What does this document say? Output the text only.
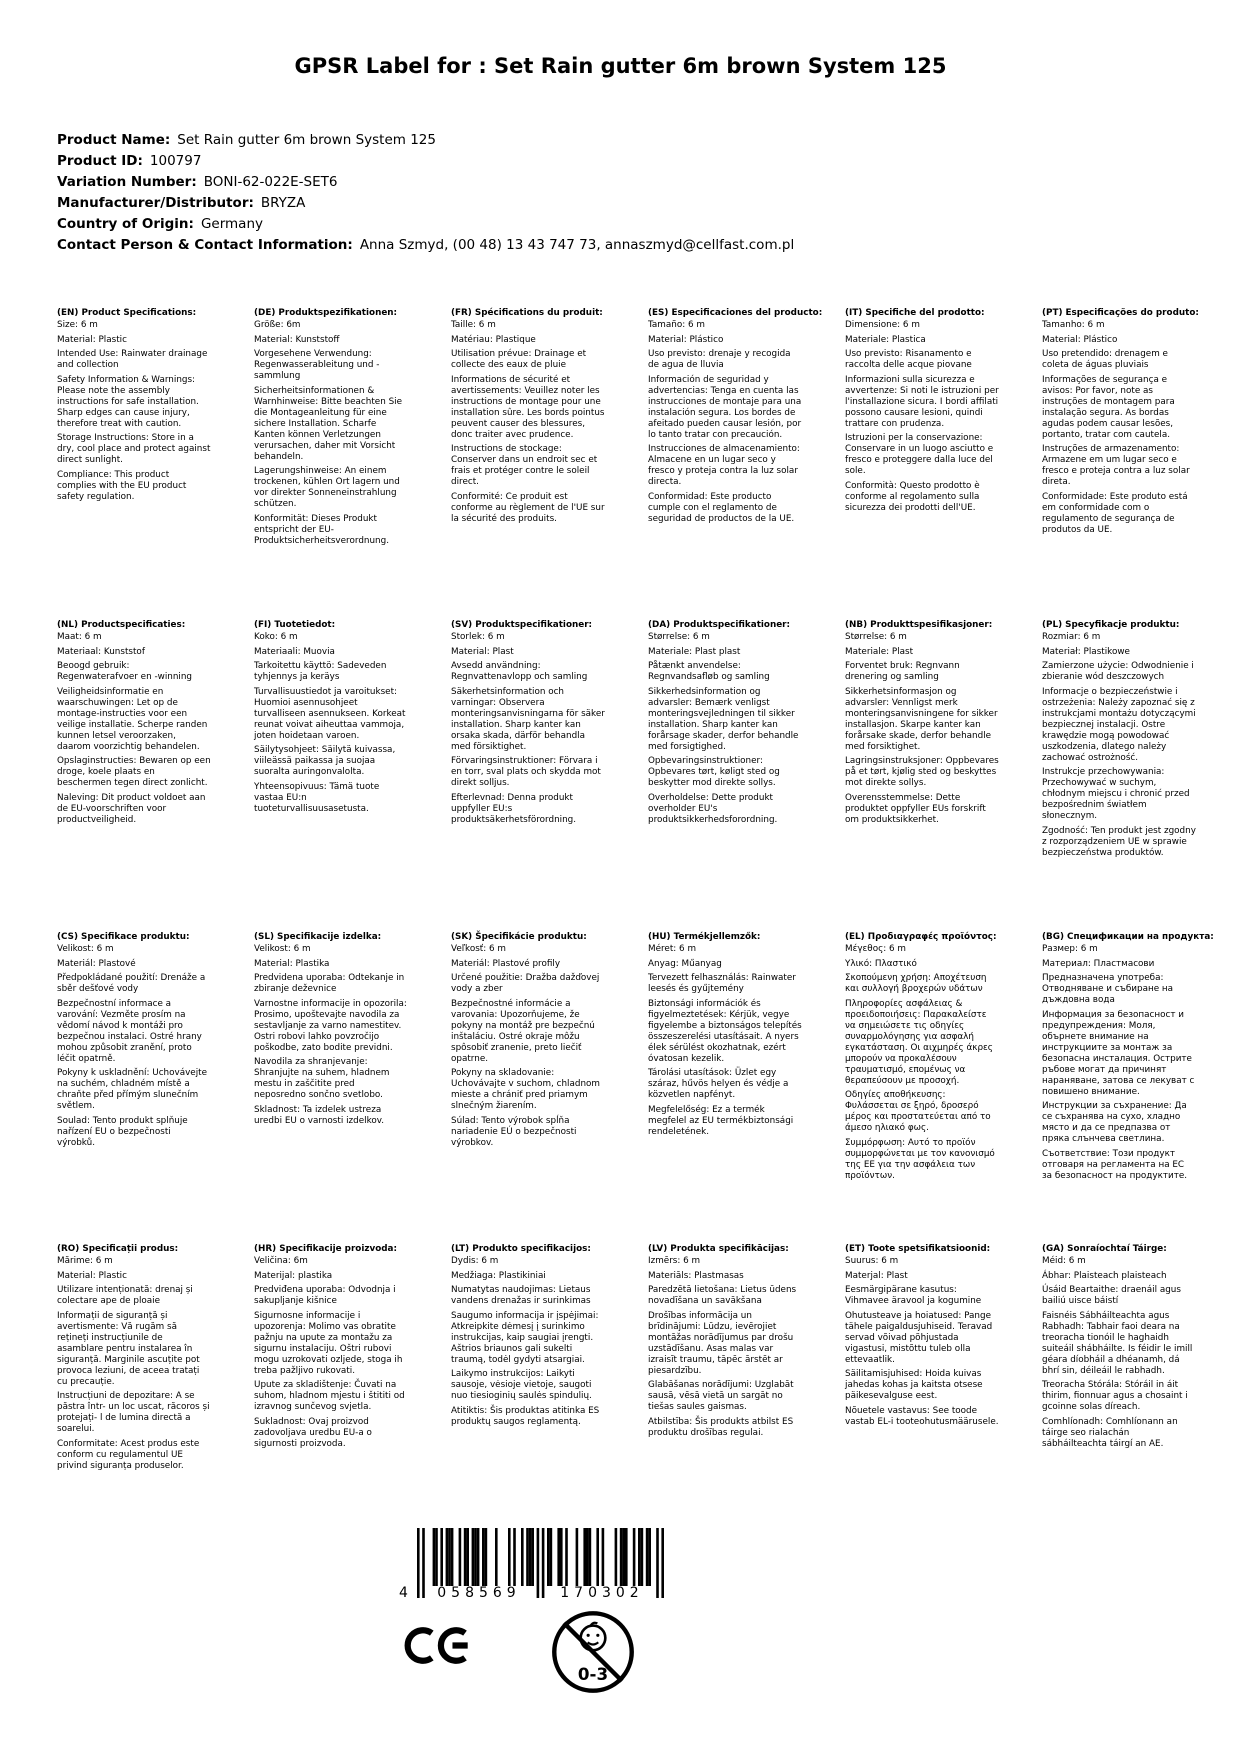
GPSR Label for : Set Rain gutter 6m brown System 125
Product Name: Set Rain gutter 6m brown System 125
Product ID: 100797
Variation Number: BONI-62-022E-SET6
Manufacturer/Distributor: BRYZA
Country of Origin: Germany
Contact Person & Contact Information: Anna Szmyd, (00 48) 13 43 747 73, annaszmyd@cellfast.com.pl
(EN) Product Specifications:

Size: 6 m

Material: Plastic

Intended Use: Rainwater drainage and collection

Safety Information & Warnings: Please note the assembly instructions for safe installation. Sharp edges can cause injury, therefore treat with caution.

Storage Instructions: Store in a dry, cool place and protect against direct sunlight.

Compliance: This product complies with the EU product safety regulation.

(DE) Produktspezifikationen:

Größe: 6m

Material: Kunststoff

Vorgesehene Verwendung: Regenwasserableitung und -sammlung

Sicherheitsinformationen & Warnhinweise: Bitte beachten Sie die Montageanleitung für eine sichere Installation. Scharfe Kanten können Verletzungen verursachen, daher mit Vorsicht behandeln.

Lagerungshinweise: An einem trockenen, kühlen Ort lagern und vor direkter Sonneneinstrahlung schützen.

Konformität: Dieses Produkt entspricht der EU-Produktsicherheitsverordnung.

(FR) Spécifications du produit:

Taille: 6 m

Matériau: Plastique

Utilisation prévue: Drainage et collecte des eaux de pluie

Informations de sécurité et avertissements: Veuillez noter les instructions de montage pour une installation sûre. Les bords pointus peuvent causer des blessures, donc traiter avec prudence.

Instructions de stockage: Conserver dans un endroit sec et frais et protéger contre le soleil direct.

Conformité: Ce produit est conforme au règlement de l'UE sur la sécurité des produits.

(ES) Especificaciones del producto:

Tamaño: 6 m

Material: Plástico

Uso previsto: drenaje y recogida de agua de lluvia

Información de seguridad y advertencias: Tenga en cuenta las instrucciones de montaje para una instalación segura. Los bordes de afeitado pueden causar lesión, por lo tanto tratar con precaución.

Instrucciones de almacenamiento: Almacene en un lugar seco y fresco y proteja contra la luz solar directa.

Conformidad: Este producto cumple con el reglamento de seguridad de productos de la UE.

(IT) Specifiche del prodotto:

Dimensione: 6 m

Materiale: Plastica

Uso previsto: Risanamento e raccolta delle acque piovane

Informazioni sulla sicurezza e avvertenze: Si noti le istruzioni per l'installazione sicura. I bordi affilati possono causare lesioni, quindi trattare con prudenza.

Istruzioni per la conservazione: Conservare in un luogo asciutto e fresco e proteggere dalla luce del sole.

Conformità: Questo prodotto è conforme al regolamento sulla sicurezza dei prodotti dell'UE.

(PT) Especificações do produto:

Tamanho: 6 m

Material: Plástico

Uso pretendido: drenagem e coleta de águas pluviais

Informações de segurança e avisos: Por favor, note as instruções de montagem para instalação segura. As bordas agudas podem causar lesões, portanto, tratar com cautela.

Instruções de armazenamento: Armazene em um lugar seco e fresco e proteja contra a luz solar direta.

Conformidade: Este produto está em conformidade com o regulamento de segurança de produtos da UE.

(NL) Productspecificaties:

Maat: 6 m

Materiaal: Kunststof

Beoogd gebruik: Regenwaterafvoer en -winning

Veiligheidsinformatie en waarschuwingen: Let op de montage-instructies voor een veilige installatie. Scherpe randen kunnen letsel veroorzaken, daarom voorzichtig behandelen.

Opslaginstructies: Bewaren op een droge, koele plaats en beschermen tegen direct zonlicht.

Naleving: Dit product voldoet aan de EU-voorschriften voor productveiligheid.

(FI) Tuotetiedot:

Koko: 6 m

Materiaali: Muovia

Tarkoitettu käyttö: Sadeveden tyhjennys ja keräys

Turvallisuustiedot ja varoitukset: Huomioi asennusohjeet turvalliseen asennukseen. Korkeat reunat voivat aiheuttaa vammoja, joten hoidetaan varoen.

Säilytysohjeet: Säilytä kuivassa, viileässä paikassa ja suojaa suoralta auringonvalolta.

Yhteensopivuus: Tämä tuote vastaa EU:n tuoteturvallisuusasetusta.

(SV) Produktspecifikationer:

Storlek: 6 m

Material: Plast

Avsedd användning: Regnvattenavlopp och samling

Säkerhetsinformation och varningar: Observera monteringsanvisningarna för säker installation. Sharp kanter kan orsaka skada, därför behandla med försiktighet.

Förvaringsinstruktioner: Förvara i en torr, sval plats och skydda mot direkt solljus.

Efterlevnad: Denna produkt uppfyller EU:s produktsäkerhetsförordning.

(DA) Produktspecifikationer:

Størrelse: 6 m

Materiale: Plast plast

Påtænkt anvendelse: Regnvandsafløb og samling

Sikkerhedsinformation og advarsler: Bemærk venligst monteringsvejledningen til sikker installation. Sharp kanter kan forårsage skader, derfor behandle med forsigtighed.

Opbevaringsinstruktioner: Opbevares tørt, køligt sted og beskytter mod direkte sollys.

Overholdelse: Dette produkt overholder EU's produktsikkerhedsforordning.

(NB) Produkttspesifikasjoner:

Størrelse: 6 m

Materiale: Plast

Forventet bruk: Regnvann drenering og samling

Sikkerhetsinformasjon og advarsler: Vennligst merk monteringsanvisningene for sikker installasjon. Skarpe kanter kan forårsake skade, derfor behandle med forsiktighet.

Lagringsinstruksjoner: Oppbevares på et tørt, kjølig sted og beskyttes mot direkte sollys.

Overensstemmelse: Dette produktet oppfyller EUs forskrift om produktsikkerhet.

(PL) Specyfikacje produktu:

Rozmiar: 6 m

Materiał: Plastikowe

Zamierzone użycie: Odwodnienie i zbieranie wód deszczowych

Informacje o bezpieczeństwie i ostrzeżenia: Należy zapoznać się z instrukcjami montażu dotyczącymi bezpiecznej instalacji. Ostre krawędzie mogą powodować uszkodzenia, dlatego należy zachować ostrożność.

Instrukcje przechowywania: Przechowywać w suchym, chłodnym miejscu i chronić przed bezpośrednim światłem słonecznym.

Zgodność: Ten produkt jest zgodny z rozporządzeniem UE w sprawie bezpieczeństwa produktów.

(CS) Specifikace produktu:

Velikost: 6 m

Materiál: Plastové

Předpokládané použití: Drenáže a sběr dešťové vody

Bezpečnostní informace a varování: Vezměte prosím na vědomí návod k montáži pro bezpečnou instalaci. Ostré hrany mohou způsobit zranění, proto léčit opatrně.

Pokyny k uskladnění: Uchovávejte na suchém, chladném místě a chraňte před přímým slunečním světlem.

Soulad: Tento produkt splňuje nařízení EU o bezpečnosti výrobků.

(SL) Specifikacije izdelka:

Velikost: 6 m

Material: Plastika

Predvidena uporaba: Odtekanje in zbiranje deževnice

Varnostne informacije in opozorila: Prosimo, upoštevajte navodila za sestavljanje za varno namestitev. Ostri robovi lahko povzročijo poškodbe, zato bodite previdni.

Navodila za shranjevanje: Shranjujte na suhem, hladnem mestu in zaščitite pred neposredno sončno svetlobo.

Skladnost: Ta izdelek ustreza uredbi EU o varnosti izdelkov.

(SK) Špecifikácie produktu:

Veľkosť: 6 m

Materiál: Plastové profily

Určené použitie: Dražba dažďovej vody a zber

Bezpečnostné informácie a varovania: Upozorňujeme, že pokyny na montáž pre bezpečnú inštaláciu. Ostré okraje môžu spôsobiť zranenie, preto liečiť opatrne.

Pokyny na skladovanie: Uchovávajte v suchom, chladnom mieste a chrániť pred priamym slnečným žiarením.

Súlad: Tento výrobok spĺňa nariadenie EÚ o bezpečnosti výrobkov.

(HU) Termékjellemzők:

Méret: 6 m

Anyag: Műanyag

Tervezett felhasználás: Rainwater leesés és gyűjtemény

Biztonsági információk és figyelmeztetések: Kérjük, vegye figyelembe a biztonságos telepítés összeszerelési utasításait. A nyers élek sérülést okozhatnak, ezért óvatosan kezelik.

Tárolási utasítások: Üzlet egy száraz, hűvös helyen és védje a közvetlen napfényt.

Megfelelőség: Ez a termék megfelel az EU termékbiztonsági rendeletének.

(EL) Προδιαγραφές προϊόντος:

Μέγεθος: 6 m

Υλικό: Πλαστικό

Σκοπούμενη χρήση: Αποχέτευση και συλλογή βροχερών υδάτων

Πληροφορίες ασφάλειας & προειδοποιήσεις: Παρακαλείστε να σημειώσετε τις οδηγίες συναρμολόγησης για ασφαλή εγκατάσταση. Οι αιχμηρές άκρες μπορούν να προκαλέσουν τραυματισμό, επομένως να θεραπεύσουν με προσοχή.

Οδηγίες αποθήκευσης: Φυλάσσεται σε ξηρό, δροσερό μέρος και προστατεύεται από το άμεσο ηλιακό φως.

Συμμόρφωση: Αυτό το προϊόν συμμορφώνεται με τον κανονισμό της ΕΕ για την ασφάλεια των προϊόντων.

(BG) Спецификации на продукта:

Размер: 6 m

Материал: Пластмасови

Предназначена употреба: Отводняване и събиране на дъждовна вода

Информация за безопасност и предупреждения: Моля, обърнете внимание на инструкциите за монтаж за безопасна инсталация. Острите ръбове могат да причинят нараняване, затова се лекуват с повишено внимание.

Инструкции за съхранение: Да се съхранява на сухо, хладно място и да се предпазва от пряка слънчева светлина.

Съответствие: Този продукт отговаря на регламента на ЕС за безопасност на продуктите.

(RO) Specificații produs:

Mărime: 6 m

Material: Plastic

Utilizare intenționată: drenaj și colectare ape de ploaie

Informații de siguranță și avertismente: Vă rugăm să rețineți instrucțiunile de asamblare pentru instalarea în siguranță. Marginile ascuțite pot provoca leziuni, de aceea tratați cu precauție.

Instrucțiuni de depozitare: A se păstra într- un loc uscat, răcoros și protejați- l de lumina directă a soarelui.

Conformitate: Acest produs este conform cu regulamentul UE privind siguranța produselor.

(HR) Specifikacije proizvoda:

Veličina: 6m

Materijal: plastika

Predviđena uporaba: Odvodnja i sakupljanje kišnice

Sigurnosne informacije i upozorenja: Molimo vas obratite pažnju na upute za montažu za sigurnu instalaciju. Oštri rubovi mogu uzrokovati ozljede, stoga ih treba pažljivo rukovati.

Upute za skladištenje: Čuvati na suhom, hladnom mjestu i štititi od izravnog sunčevog svjetla.

Sukladnost: Ovaj proizvod zadovoljava uredbu EU-a o sigurnosti proizvoda.

(LT) Produkto specifikacijos:

Dydis: 6 m

Medžiaga: Plastikiniai

Numatytas naudojimas: Lietaus vandens drenažas ir surinkimas

Saugumo informacija ir įspėjimai: Atkreipkite dėmesį į surinkimo instrukcijas, kaip saugiai įrengti. Aštrios briaunos gali sukelti traumą, todėl gydyti atsargiai.

Laikymo instrukcijos: Laikyti sausoje, vėsioje vietoje, saugoti nuo tiesioginių saulės spindulių.

Atitiktis: Šis produktas atitinka ES produktų saugos reglamentą.

(LV) Produkta specifikācijas:

Izmērs: 6 m

Materiāls: Plastmasas

Paredzētā lietošana: Lietus ūdens novadīšana un savākšana

Drošības informācija un brīdinājumi: Lūdzu, ievērojiet montāžas norādījumus par drošu uzstādīšanu. Asas malas var izraisīt traumu, tāpēc ārstēt ar piesardzību.

Glabāšanas norādījumi: Uzglabāt sausā, vēsā vietā un sargāt no tiešas saules gaismas.

Atbilstība: Šis produkts atbilst ES produktu drošības regulai.

(ET) Toote spetsifikatsioonid:

Suurus: 6 m

Materjal: Plast

Eesmärgipärane kasutus: Vihmavee äravool ja kogumine

Ohutusteave ja hoiatused: Pange tähele paigaldusjuhiseid. Teravad servad võivad põhjustada vigastusi, mistõttu tuleb olla ettevaatlik.

Säilitamisjuhised: Hoida kuivas jahedas kohas ja kaitsta otsese päikesevalguse eest.

Nõuetele vastavus: See toode vastab EL-i tooteohutusmäärusele.

(GA) Sonraíochtaí Táirge:

Méid: 6 m

Ábhar: Plaisteach plaisteach

Úsáid Beartaithe: draenáil agus bailiú uisce báistí

Faisnéis Sábháilteachta agus Rabhadh: Tabhair faoi deara na treoracha tionóil le haghaidh suiteáil shábháilte. Is féidir le imill géara díobháil a dhéanamh, dá bhrí sin, déileáil le rabhadh.

Treoracha Stórála: Stóráil in áit thirim, fionnuar agus a chosaint i gcoinne solas díreach.

Comhlíonadh: Comhlíonann an táirge seo rialachán sábháilteachta táirgí an AE.

4 058569	170302
0-3
